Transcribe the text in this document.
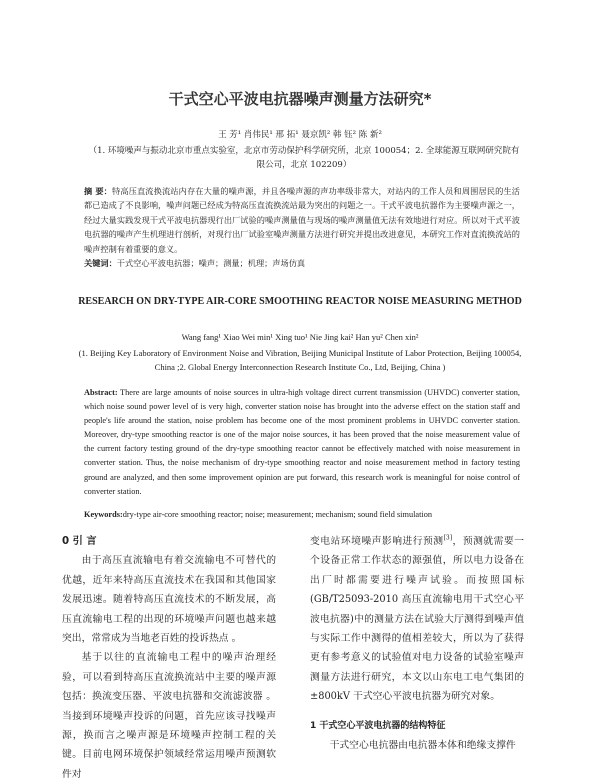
干式空心平波电抗器噪声测量方法研究*
王 芳¹ 肖伟民¹ 邢 拓¹ 聂京凯² 韩 钰² 陈 新²
（1. 环境噪声与振动北京市重点实验室，北京市劳动保护科学研究所，北京 100054；2. 全球能源互联网研究院有限公司，北京 102209）
摘 要：特高压直流换流站内存在大量的噪声源，并且各噪声源的声功率级非常大，对站内的工作人员和周围居民的生活都已造成了不良影响，噪声问题已经成为特高压直流换流站最为突出的问题之一。干式平波电抗器作为主要噪声源之一，经过大量实践发现干式平波电抗器现行出厂试验的噪声测量值与现场的噪声测量值无法有效地进行对应。所以对干式平波电抗器的噪声产生机理进行剖析，对现行出厂试验室噪声测量方法进行研究并提出改进意见，本研究工作对直流换流站的噪声控制有着重要的意义。
关键词：干式空心平波电抗器；噪声；测量；机理；声场仿真
RESEARCH ON DRY-TYPE AIR-CORE SMOOTHING REACTOR NOISE MEASURING METHOD
Wang fang¹ Xiao Wei min¹ Xing tuo¹ Nie Jing kai² Han yu² Chen xin²
(1. Beijing Key Laboratory of Environment Noise and Vibration, Beijing Municipal Institute of Labor Protection, Beijing 100054, China ;2. Global Energy Interconnection Research Institute Co., Ltd, Beijing, China )
Abstract: There are large amounts of noise sources in ultra-high voltage direct current transmission (UHVDC) converter station, which noise sound power level of is very high, converter station noise has brought into the adverse effect on the station staff and people's life around the station, noise problem has become one of the most prominent problems in UHVDC converter station. Moreover, dry-type smoothing reactor is one of the major noise sources, it has been proved that the noise measurement value of the current factory testing ground of the dry-type smoothing reactor cannot be effectively matched with noise measurement in converter station. Thus, the noise mechanism of dry-type smoothing reactor and noise measurement method in factory testing ground are analyzed, and then some improvement opinion are put forward, this research work is meaningful for noise control of converter station.
Keywords:dry-type air-core smoothing reactor; noise; measurement; mechanism; sound field simulation

0 引 言

由于高压直流输电有着交流输电不可替代的优越，近年来特高压直流技术在我国和其他国家发展迅速。随着特高压直流技术的不断发展，高压直流输电工程的出现的环境噪声问题也越来越突出，常常成为当地老百姓的投诉热点 。

基于以往的直流输电工程中的噪声治理经验，可以看到特高压直流换流站中主要的噪声源包括：换流变压器、平波电抗器和交流滤波器 。当接到环境噪声投诉的问题，首先应该寻找噪声源，换而言之噪声源是环境噪声控制工程的关键。目前电网环境保护领域经常运用噪声预测软件对

变电站环境噪声影响进行预测[3]，预测就需要一个设备正常工作状态的源强值，所以电力设备在出厂时都需要进行噪声试验。而按照国标(GB/T25093-2010 高压直流输电用干式空心平波电抗器)中的测量方法在试验大厅测得到噪声值与实际工作中测得的值相差较大，所以为了获得更有参考意义的试验值对电力设备的试验室噪声测量方法进行研究，本文以山东电工电气集团的±800kV 干式空心平波电抗器为研究对象。

1 干式空心平波电抗器的结构特征

干式空心电抗器由电抗器本体和绝缘支撑件
